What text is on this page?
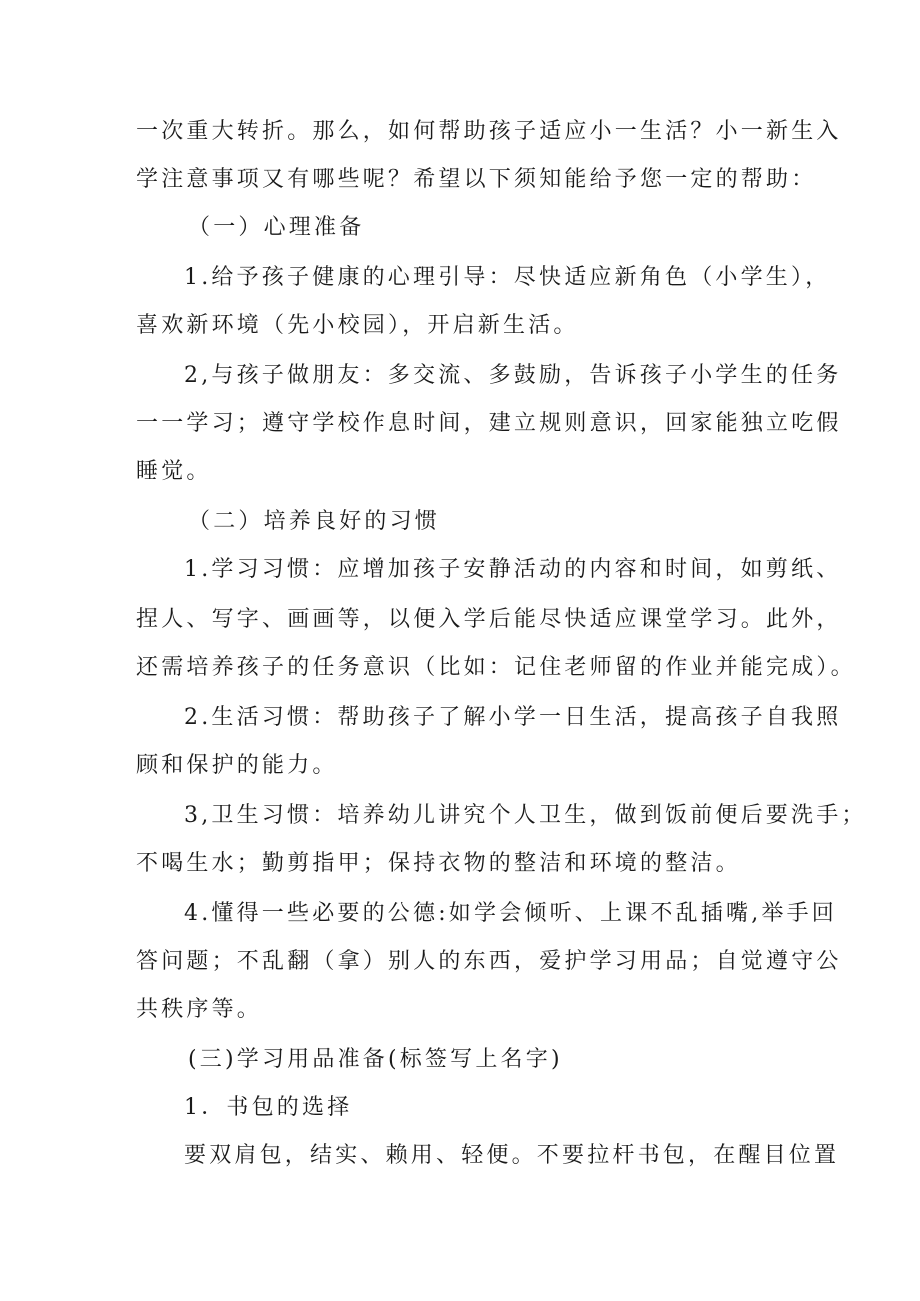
一次重大转折。那么，如何帮助孩子适应小一生活？小一新生入
学注意事项又有哪些呢？希望以下须知能给予您一定的帮助：
（一）心理准备
1.给予孩子健康的心理引导：尽快适应新角色（小学生），
喜欢新环境（先小校园），开启新生活。
2,与孩子做朋友：多交流、多鼓励，告诉孩子小学生的任务
一一学习；遵守学校作息时间，建立规则意识，回家能独立吃假
睡觉。
（二）培养良好的习惯
1.学习习惯：应增加孩子安静活动的内容和时间，如剪纸、
捏人、写字、画画等，以便入学后能尽快适应课堂学习。此外，
还需培养孩子的任务意识（比如：记住老师留的作业并能完成）。
2.生活习惯：帮助孩子了解小学一日生活，提高孩子自我照
顾和保护的能力。
3,卫生习惯：培养幼儿讲究个人卫生，做到饭前便后要洗手；
不喝生水；勤剪指甲；保持衣物的整洁和环境的整洁。
4.懂得一些必要的公德:如学会倾听、上课不乱插嘴,举手回
答问题；不乱翻（拿）别人的东西，爱护学习用品；自觉遵守公
共秩序等。
(三)学习用品准备(标签写上名字)
1．书包的选择
要双肩包，结实、赖用、轻便。不要拉杆书包，在醒目位置
